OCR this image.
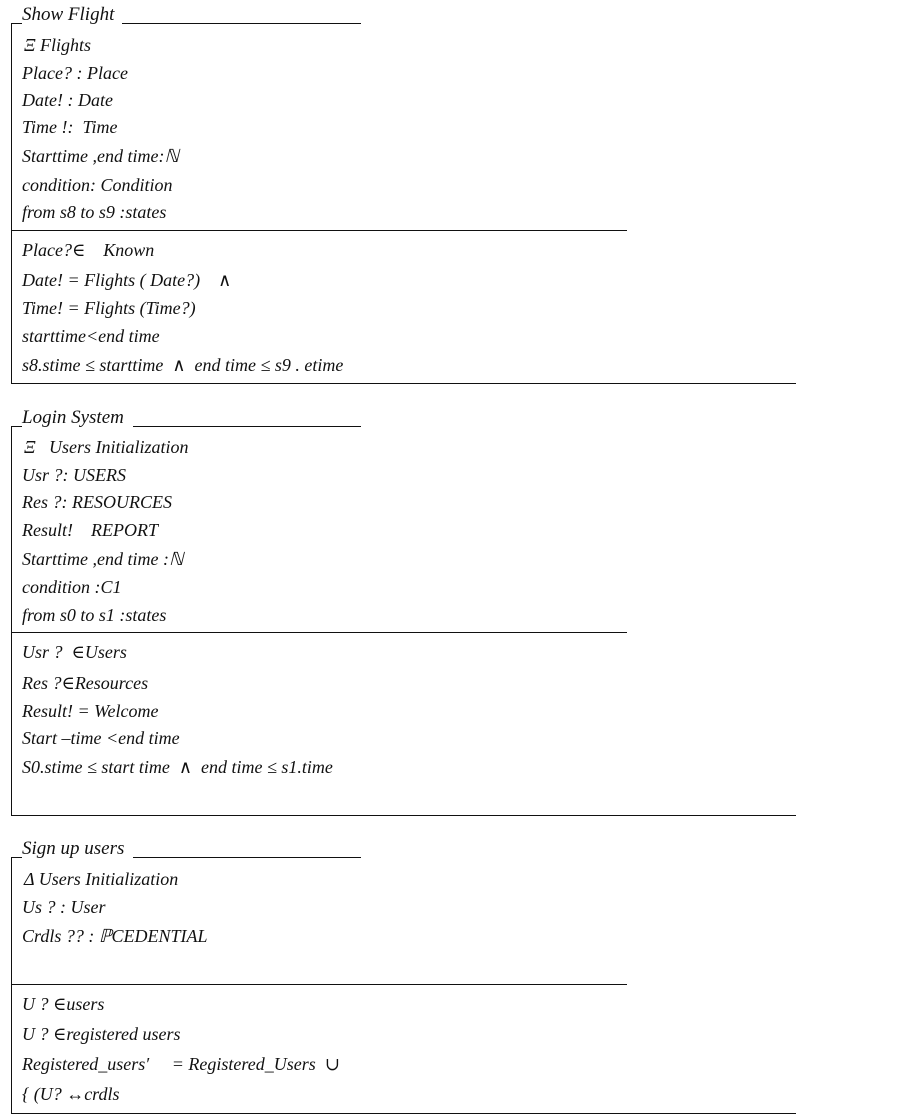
Show Flight
Ξ Flights
Place? : Place
Date! : Date
Time !:  Time
Starttime ,end time:ℕ
condition: Condition
from s8 to s9 :states
Place?∈    Known
Date! = Flights ( Date?)    ∧
Time! = Flights (Time?)
starttime<end time
s8.stime ≤ starttime  ∧  end time ≤ s9 . etime
Login System
Ξ   Users Initialization
Usr ?: USERS
Res ?: RESOURCES
Result!    REPORT
Starttime ,end time :ℕ
condition :C1
from s0 to s1 :states
Usr ?  ∈Users
Res ?∈Resources
Result! = Welcome
Start –time <end time
S0.stime ≤ start time  ∧  end time ≤ s1.time
Sign up users
Δ Users Initialization
Us ? : User
Crdls ?? : ℙCEDENTIAL
U ? ∈users
U ? ∈registered users
Registered_users′     = Registered_Users  ∪
{ (U? ↔crdls
